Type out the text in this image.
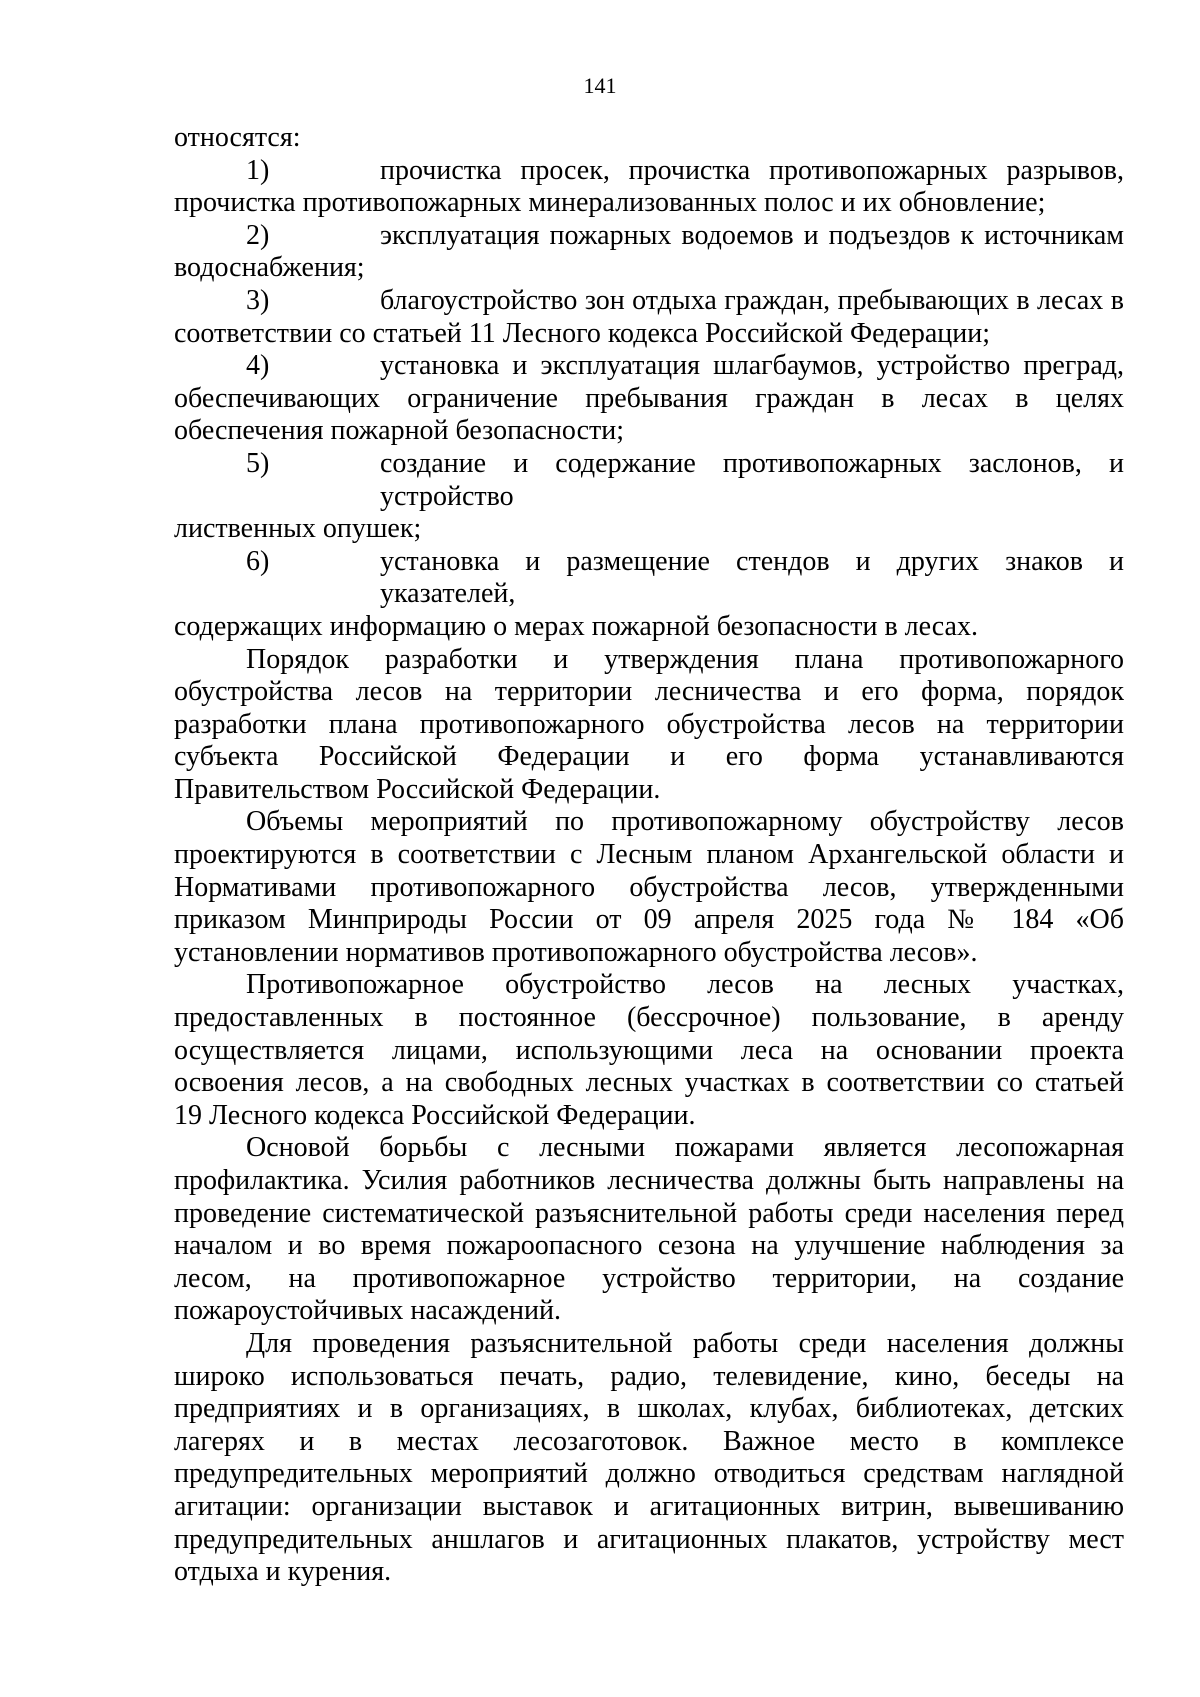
141
относятся:
1)	прочистка просек, прочистка противопожарных разрывов,
прочистка противопожарных минерализованных полос и их обновление;
2)	эксплуатация пожарных водоемов и подъездов к источникам
водоснабжения;
3)	благоустройство зон отдыха граждан, пребывающих в лесах в
соответствии со статьей 11 Лесного кодекса Российской Федерации;
4)	установка и эксплуатация шлагбаумов, устройство преград,
обеспечивающих ограничение пребывания граждан в лесах в целях
обеспечения пожарной безопасности;
5)	создание и содержание противопожарных заслонов, и устройство
лиственных опушек;
6)	установка и размещение стендов и других знаков и указателей,
содержащих информацию о мерах пожарной безопасности в лесах.
Порядок разработки и утверждения плана противопожарного
обустройства лесов на территории лесничества и его форма, порядок
разработки плана противопожарного обустройства лесов на территории
субъекта Российской Федерации и его форма устанавливаются
Правительством Российской Федерации.
Объемы мероприятий по противопожарному обустройству лесов
проектируются в соответствии с Лесным планом Архангельской области и
Нормативами противопожарного обустройства лесов, утвержденными
приказом Минприроды России от 09 апреля 2025 года № 184 «Об
установлении нормативов противопожарного обустройства лесов».
Противопожарное обустройство лесов на лесных участках,
предоставленных в постоянное (бессрочное) пользование, в аренду
осуществляется лицами, использующими леса на основании проекта
освоения лесов, а на свободных лесных участках в соответствии со статьей
19 Лесного кодекса Российской Федерации.
Основой борьбы с лесными пожарами является лесопожарная
профилактика. Усилия работников лесничества должны быть направлены на
проведение систематической разъяснительной работы среди населения перед
началом и во время пожароопасного сезона на улучшение наблюдения за
лесом, на противопожарное устройство территории, на создание
пожароустойчивых насаждений.
Для проведения разъяснительной работы среди населения должны
широко использоваться печать, радио, телевидение, кино, беседы на
предприятиях и в организациях, в школах, клубах, библиотеках, детских
лагерях и в местах лесозаготовок. Важное место в комплексе
предупредительных мероприятий должно отводиться средствам наглядной
агитации: организации выставок и агитационных витрин, вывешиванию
предупредительных аншлагов и агитационных плакатов, устройству мест
отдыха и курения.
